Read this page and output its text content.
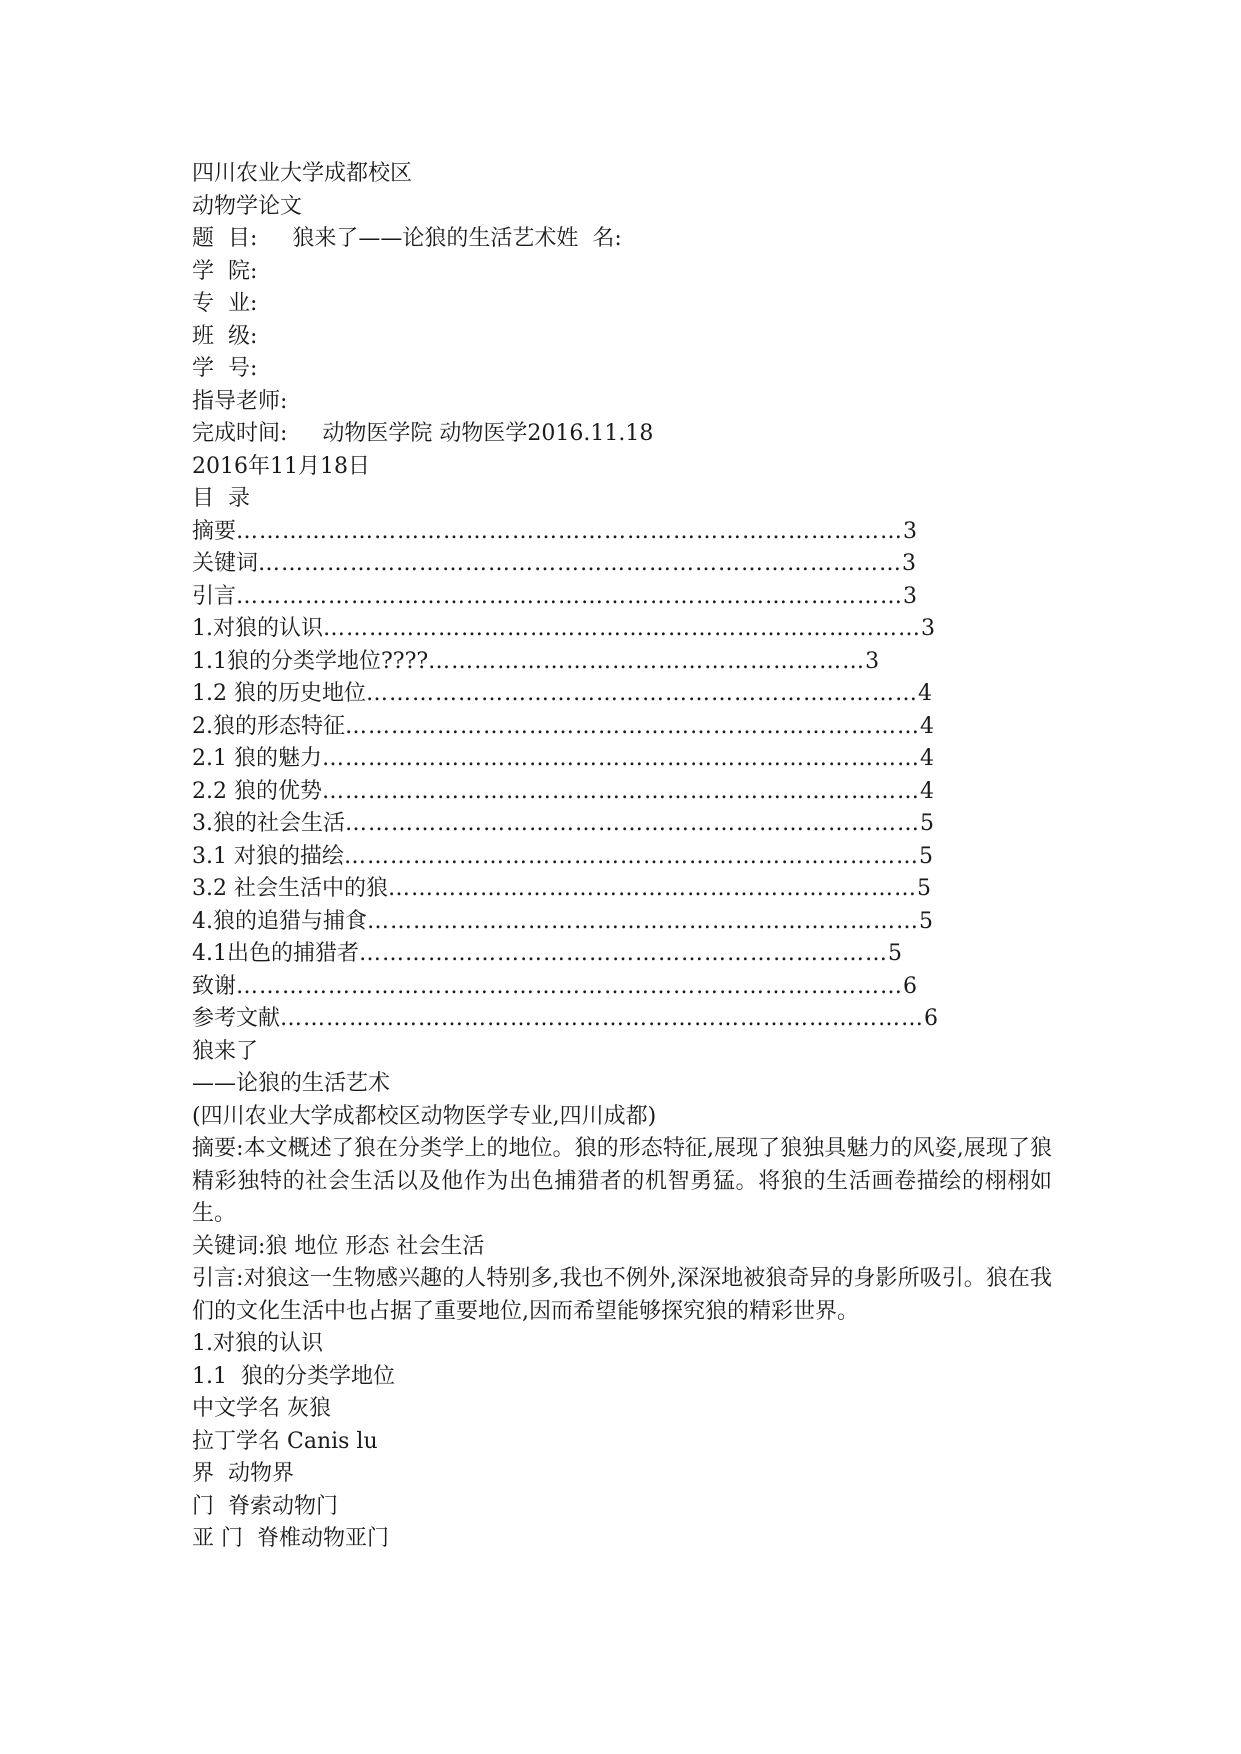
四川农业大学成都校区
动物学论文
题  目:     狼来了——论狼的生活艺术姓  名:
学  院:
专  业:
班  级:
学  号:
指导老师:
完成时间:     动物医学院 动物医学2016.11.18
2016年11月18日
目  录
摘要……………………………………………………………………………3
关键词…………………………………………………………………………3
引言……………………………………………………………………………3
1.对狼的认识……………………………………………………………………3
1.1狼的分类学地位????…………………………………………………3
1.2 狼的历史地位………………………………………………………………4
2.狼的形态特征…………………………………………………………………4
2.1 狼的魅力……………………………………………………………………4
2.2 狼的优势……………………………………………………………………4
3.狼的社会生活…………………………………………………………………5
3.1 对狼的描绘…………………………………………………………………5
3.2 社会生活中的狼……………………………………………………………5
4.狼的追猎与捕食………………………………………………………………5
4.1出色的捕猎者……………………………………………………………5
致谢……………………………………………………………………………6
参考文献…………………………………………………………………………6
狼来了
——论狼的生活艺术
(四川农业大学成都校区动物医学专业,四川成都)
摘要:本文概述了狼在分类学上的地位。狼的形态特征,展现了狼独具魅力的风姿,展现了狼精彩独特的社会生活以及他作为出色捕猎者的机智勇猛。将狼的生活画卷描绘的栩栩如生。
关键词:狼 地位 形态 社会生活
引言:对狼这一生物感兴趣的人特别多,我也不例外,深深地被狼奇异的身影所吸引。狼在我们的文化生活中也占据了重要地位,因而希望能够探究狼的精彩世界。
1.对狼的认识
1.1  狼的分类学地位
中文学名 灰狼
拉丁学名 Canis lu
界  动物界
门  脊索动物门
亚 门  脊椎动物亚门
